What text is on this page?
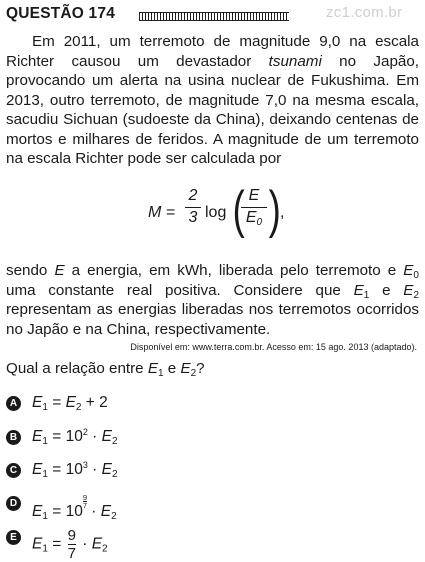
QUESTÃO 174	zc1.com.br

Em 2011, um terremoto de magnitude 9,0 na escala Richter causou um devastador tsunami no Japão, provocando um alerta na usina nuclear de Fukushima. Em 2013, outro terremoto, de magnitude 7,0 na mesma escala, sacudiu Sichuan (sudoeste da China), deixando centenas de mortos e milhares de feridos. A magnitude de um terremoto na escala Richter pode ser calculada por

M =
2
3 log ( E
$E_0$ ) ,

sendo E a energia, em kWh, liberada pelo terremoto e $E_0$ uma constante real positiva. Considere que $E_1$ e $E_2$ representam as energias liberadas nos terremotos ocorridos no Japão e na China, respectivamente.

Disponível em: www.terra.com.br. Acesso em: 15 ago. 2013 (adaptado).
Qual a relação entre $E_1$ e $E_2$?
A $E_1 = E_2 + 2$
B $E_1 = 10^2 \cdot E_2$
C $E_1 = 10^3 \cdot E_2$
D $E_1 = 10$
$\frac{9}{7}$
· $E_2$
E $E_1 = \frac{9}{7} \cdot E_2$
